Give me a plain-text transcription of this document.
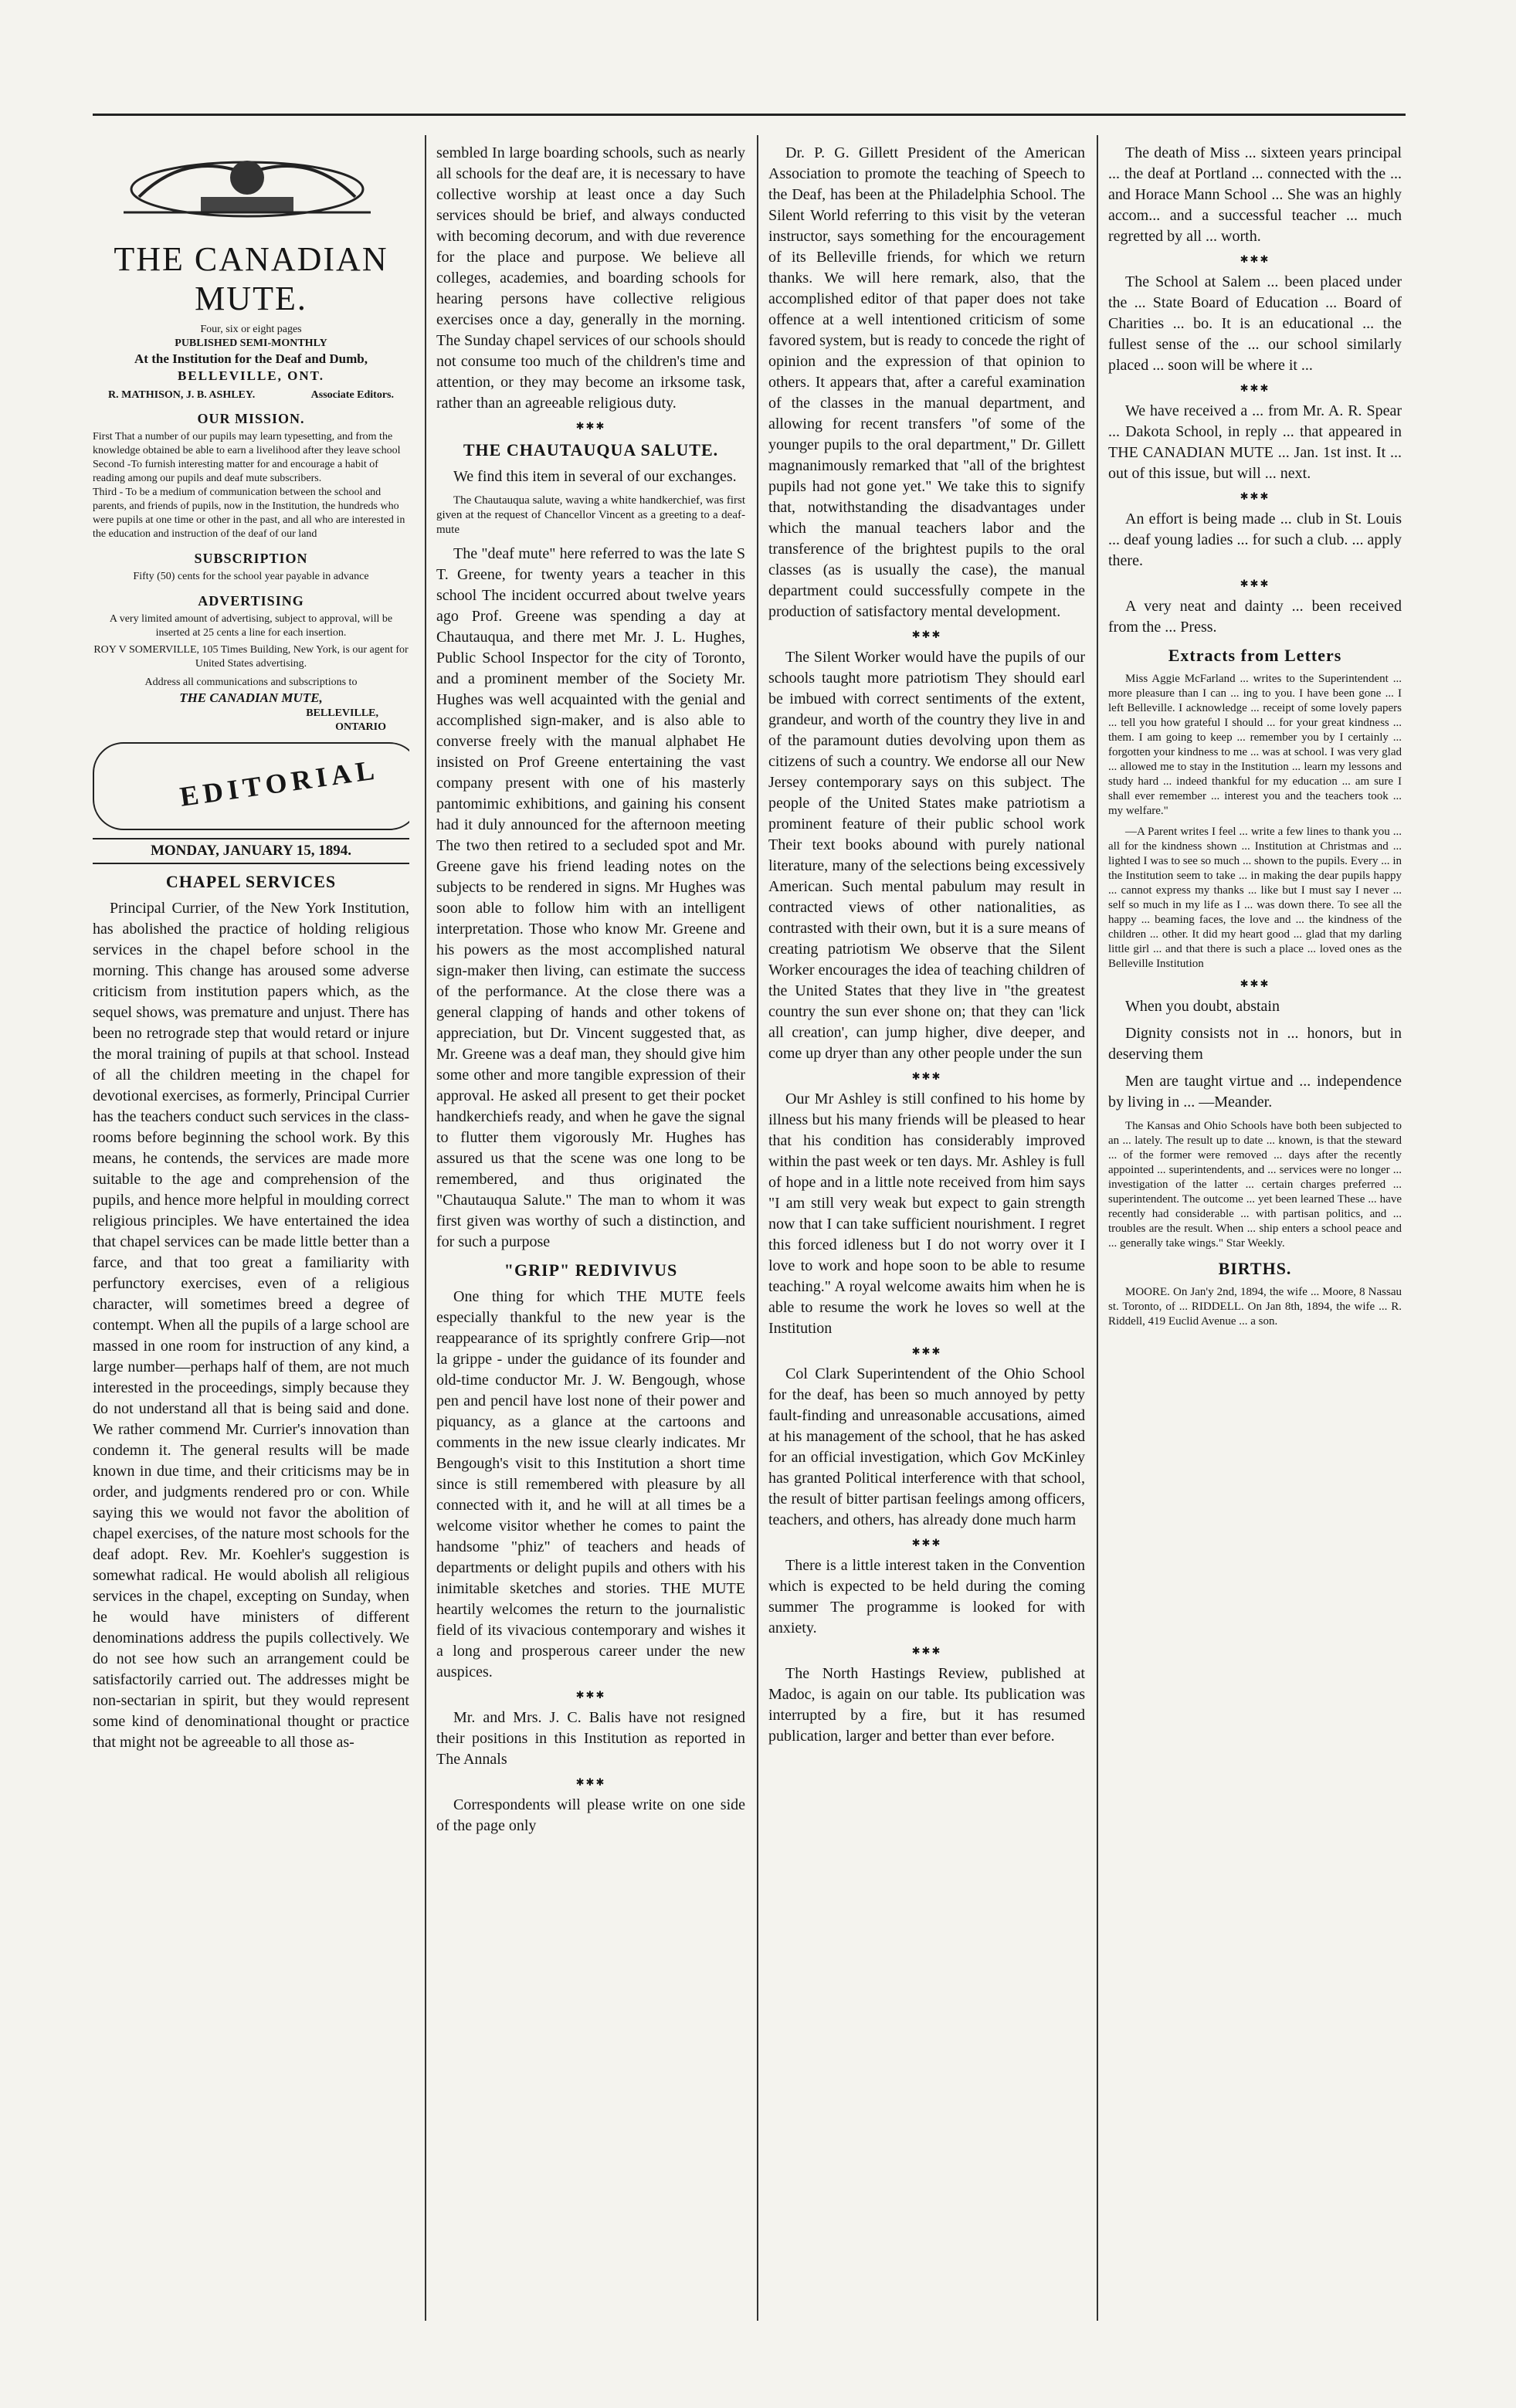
THE CANADIAN MUTE.
Four, six or eight pages
PUBLISHED SEMI-MONTHLY
At the Institution for the Deaf and Dumb,
BELLEVILLE, ONT.
R. MATHISON, J. B. ASHLEY.	Associate Editors.
OUR MISSION.
First That a number of our pupils may learn typesetting, and from the knowledge obtained be able to earn a livelihood after they leave school
Second -To furnish interesting matter for and encourage a habit of reading among our pupils and deaf mute subscribers.
Third - To be a medium of communication between the school and parents, and friends of pupils, now in the Institution, the hundreds who were pupils at one time or other in the past, and all who are interested in the education and instruction of the deaf of our land
SUBSCRIPTION
Fifty (50) cents for the school year payable in advance
ADVERTISING
A very limited amount of advertising, subject to approval, will be inserted at 25 cents a line for each insertion.
ROY V SOMERVILLE, 105 Times Building, New York, is our agent for United States advertising.
Address all communications and subscriptions to
THE CANADIAN MUTE,
BELLEVILLE,
ONTARIO
EDITORIAL
MONDAY, JANUARY 15, 1894.
CHAPEL SERVICES

Principal Currier, of the New York Institution, has abolished the practice of holding religious services in the chapel before school in the morning. This change has aroused some adverse criticism from institution papers which, as the sequel shows, was premature and unjust. There has been no retrograde step that would retard or injure the moral training of pupils at that school. Instead of all the children meeting in the chapel for devotional exercises, as formerly, Principal Currier has the teachers conduct such services in the class-rooms before beginning the school work. By this means, he contends, the services are made more suitable to the age and comprehension of the pupils, and hence more helpful in moulding correct religious principles. We have entertained the idea that chapel services can be made little better than a farce, and that too great a familiarity with perfunctory exercises, even of a religious character, will sometimes breed a degree of contempt. When all the pupils of a large school are massed in one room for instruction of any kind, a large number—perhaps half of them, are not much interested in the proceedings, simply because they do not understand all that is being said and done. We rather commend Mr. Currier's innovation than condemn it. The general results will be made known in due time, and their criticisms may be in order, and judgments rendered pro or con. While saying this we would not favor the abolition of chapel exercises, of the nature most schools for the deaf adopt. Rev. Mr. Koehler's suggestion is somewhat radical. He would abolish all religious services in the chapel, excepting on Sunday, when he would have ministers of different denominations address the pupils collectively. We do not see how such an arrangement could be satisfactorily carried out. The addresses might be non-sectarian in spirit, but they would represent some kind of denominational thought or practice that might not be agreeable to all those as-

sembled In large boarding schools, such as nearly all schools for the deaf are, it is necessary to have collective worship at least once a day Such services should be brief, and always conducted with becoming decorum, and with due reverence for the place and purpose. We believe all colleges, academies, and boarding schools for hearing persons have collective religious exercises once a day, generally in the morning. The Sunday chapel services of our schools should not consume too much of the children's time and attention, or they may become an irksome task, rather than an agreeable religious duty.

✱✱✱
THE CHAUTAUQUA SALUTE.

We find this item in several of our exchanges.

The Chautauqua salute, waving a white handkerchief, was first given at the request of Chancellor Vincent as a greeting to a deaf-mute

The "deaf mute" here referred to was the late S T. Greene, for twenty years a teacher in this school The incident occurred about twelve years ago Prof. Greene was spending a day at Chautauqua, and there met Mr. J. L. Hughes, Public School Inspector for the city of Toronto, and a prominent member of the Society Mr. Hughes was well acquainted with the genial and accomplished sign-maker, and is also able to converse freely with the manual alphabet He insisted on Prof Greene entertaining the vast company present with one of his masterly pantomimic exhibitions, and gaining his consent had it duly announced for the afternoon meeting The two then retired to a secluded spot and Mr. Greene gave his friend leading notes on the subjects to be rendered in signs. Mr Hughes was soon able to follow him with an intelligent interpretation. Those who know Mr. Greene and his powers as the most accomplished natural sign-maker then living, can estimate the success of the performance. At the close there was a general clapping of hands and other tokens of appreciation, but Dr. Vincent suggested that, as Mr. Greene was a deaf man, they should give him some other and more tangible expression of their approval. He asked all present to get their pocket handkerchiefs ready, and when he gave the signal to flutter them vigorously Mr. Hughes has assured us that the scene was one long to be remembered, and thus originated the "Chautauqua Salute." The man to whom it was first given was worthy of such a distinction, and for such a purpose

"GRIP" REDIVIVUS

One thing for which THE MUTE feels especially thankful to the new year is the reappearance of its sprightly confrere Grip—not la grippe - under the guidance of its founder and old-time conductor Mr. J. W. Bengough, whose pen and pencil have lost none of their power and piquancy, as a glance at the cartoons and comments in the new issue clearly indicates. Mr Bengough's visit to this Institution a short time since is still remembered with pleasure by all connected with it, and he will at all times be a welcome visitor whether he comes to paint the handsome "phiz" of teachers and heads of departments or delight pupils and others with his inimitable sketches and stories. THE MUTE heartily welcomes the return to the journalistic field of its vivacious contemporary and wishes it a long and prosperous career under the new auspices.

✱✱✱

Mr. and Mrs. J. C. Balis have not resigned their positions in this Institution as reported in The Annals

✱✱✱

Correspondents will please write on one side of the page only

Dr. P. G. Gillett President of the American Association to promote the teaching of Speech to the Deaf, has been at the Philadelphia School. The Silent World referring to this visit by the veteran instructor, says something for the encouragement of its Belleville friends, for which we return thanks. We will here remark, also, that the accomplished editor of that paper does not take offence at a well intentioned criticism of some favored system, but is ready to concede the right of opinion and the expression of that opinion to others. It appears that, after a careful examination of the classes in the manual department, and allowing for recent transfers "of some of the younger pupils to the oral department," Dr. Gillett magnanimously remarked that "all of the brightest pupils had not gone yet." We take this to signify that, notwithstanding the disadvantages under which the manual teachers labor and the transference of the brightest pupils to the oral classes (as is usually the case), the manual department could successfully compete in the production of satisfactory mental development.

✱✱✱

The Silent Worker would have the pupils of our schools taught more patriotism They should earl be imbued with correct sentiments of the extent, grandeur, and worth of the country they live in and of the paramount duties devolving upon them as citizens of such a country. We endorse all our New Jersey contemporary says on this subject. The people of the United States make patriotism a prominent feature of their public school work Their text books abound with purely national literature, many of the selections being excessively American. Such mental pabulum may result in contracted views of other nationalities, as contrasted with their own, but it is a sure means of creating patriotism We observe that the Silent Worker encourages the idea of teaching children of the United States that they live in "the greatest country the sun ever shone on; that they can 'lick all creation', can jump higher, dive deeper, and come up dryer than any other people under the sun

✱✱✱

Our Mr Ashley is still confined to his home by illness but his many friends will be pleased to hear that his condition has considerably improved within the past week or ten days. Mr. Ashley is full of hope and in a little note received from him says "I am still very weak but expect to gain strength now that I can take sufficient nourishment. I regret this forced idleness but I do not worry over it I love to work and hope soon to be able to resume teaching." A royal welcome awaits him when he is able to resume the work he loves so well at the Institution

✱✱✱

Col Clark Superintendent of the Ohio School for the deaf, has been so much annoyed by petty fault-finding and unreasonable accusations, aimed at his management of the school, that he has asked for an official investigation, which Gov McKinley has granted Political interference with that school, the result of bitter partisan feelings among officers, teachers, and others, has already done much harm

✱✱✱

There is a little interest taken in the Convention which is expected to be held during the coming summer The programme is looked for with anxiety.

✱✱✱

The North Hastings Review, published at Madoc, is again on our table. Its publication was interrupted by a fire, but it has resumed publication, larger and better than ever before.

The death of Miss ... sixteen years principal ... the deaf at Portland ... connected with the ... and Horace Mann School ... She was an highly accom... and a successful teacher ... much regretted by all ... worth.

✱✱✱

The School at Salem ... been placed under the ... State Board of Education ... Board of Charities ... bo. It is an educational ... the fullest sense of the ... our school similarly placed ... soon will be where it ...

✱✱✱

We have received a ... from Mr. A. R. Spear ... Dakota School, in reply ... that appeared in THE CANADIAN MUTE ... Jan. 1st inst. It ... out of this issue, but will ... next.

✱✱✱

An effort is being made ... club in St. Louis ... deaf young ladies ... for such a club. ... apply there.

✱✱✱

A very neat and dainty ... been received from the ... Press.

Extracts from Letters

Miss Aggie McFarland ... writes to the Superintendent ... more pleasure than I can ... ing to you. I have been gone ... I left Belleville. I acknowledge ... receipt of some lovely papers ... tell you how grateful I should ... for your great kindness ... them. I am going to keep ... remember you by I certainly ... forgotten your kindness to me ... was at school. I was very glad ... allowed me to stay in the Institution ... learn my lessons and study hard ... indeed thankful for my education ... am sure I shall ever remember ... interest you and the teachers took ... my welfare."

—A Parent writes I feel ... write a few lines to thank you ... all for the kindness shown ... Institution at Christmas and ... lighted I was to see so much ... shown to the pupils. Every ... in the Institution seem to take ... in making the dear pupils happy ... cannot express my thanks ... like but I must say I never ... self so much in my life as I ... was down there. To see all the happy ... beaming faces, the love and ... the kindness of the children ... other. It did my heart good ... glad that my darling little girl ... and that there is such a place ... loved ones as the Belleville Institution

✱✱✱

When you doubt, abstain

Dignity consists not in ... honors, but in deserving them

Men are taught virtue and ... independence by living in ... —Meander.

The Kansas and Ohio Schools have both been subjected to an ... lately. The result up to date ... known, is that the steward ... of the former were removed ... days after the recently appointed ... superintendents, and ... services were no longer ... investigation of the latter ... certain charges preferred ... superintendent. The outcome ... yet been learned These ... have recently had considerable ... with partisan politics, and ... troubles are the result. When ... ship enters a school peace and ... generally take wings." Star Weekly.

BIRTHS.

MOORE. On Jan'y 2nd, 1894, the wife ... Moore, 8 Nassau st. Toronto, of ... RIDDELL. On Jan 8th, 1894, the wife ... R. Riddell, 419 Euclid Avenue ... a son.
